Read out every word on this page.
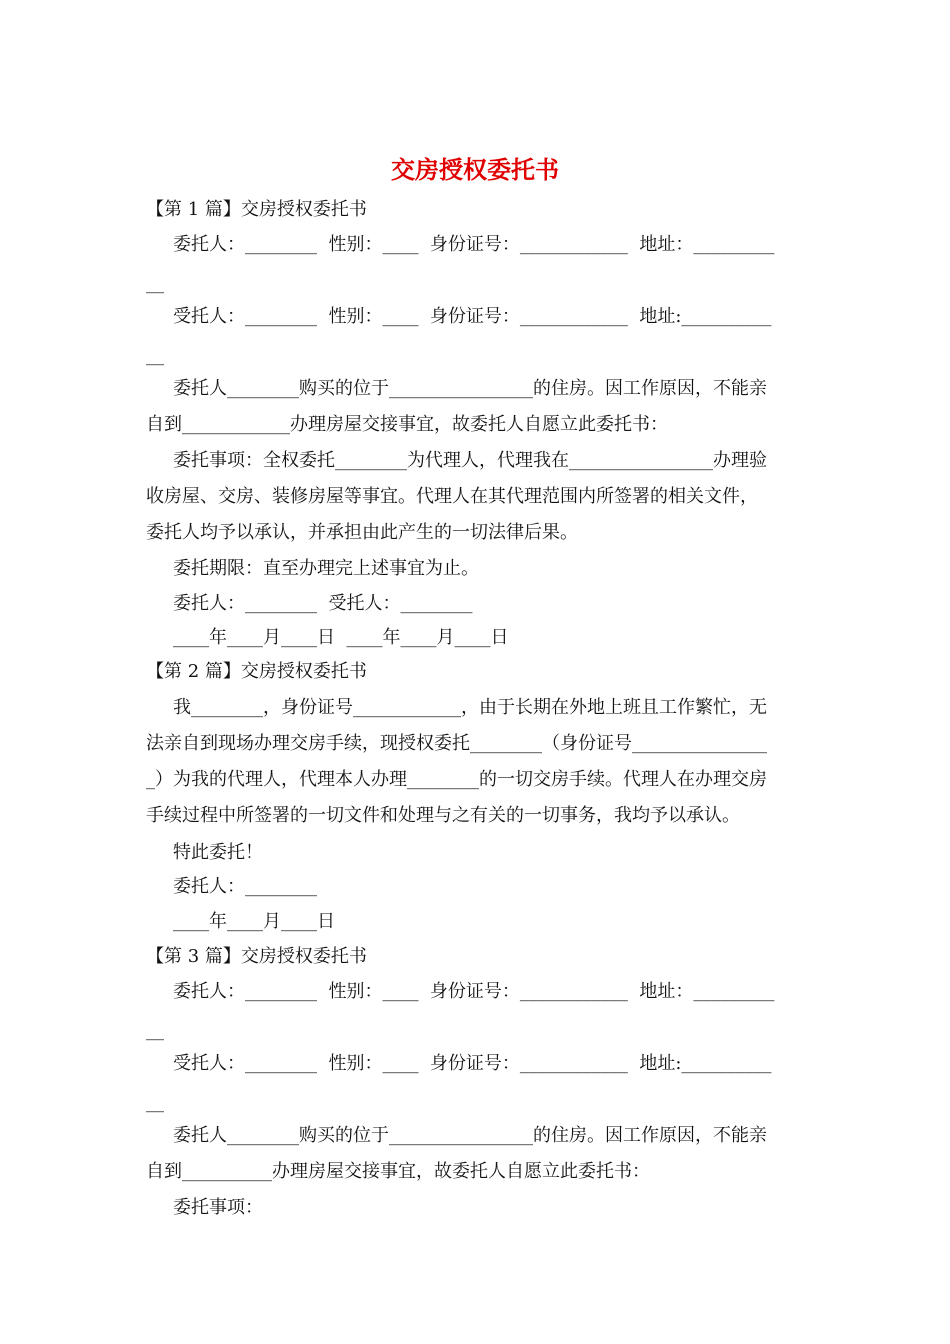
交房授权委托书
【第 1 篇】交房授权委托书
委托人：________  性别：____  身份证号：____________  地址：_________
__
受托人：________  性别：____  身份证号：____________  地址:__________
__
委托人________购买的位于________________的住房。因工作原因，不能亲
自到____________办理房屋交接事宜，故委托人自愿立此委托书：
委托事项：全权委托________为代理人，代理我在________________办理验
收房屋、交房、装修房屋等事宜。代理人在其代理范围内所签署的相关文件，
委托人均予以承认，并承担由此产生的一切法律后果。
委托期限：直至办理完上述事宜为止。
委托人：________  受托人：________
____年____月____日  ____年____月____日
【第 2 篇】交房授权委托书
我________，身份证号____________，由于长期在外地上班且工作繁忙，无
法亲自到现场办理交房手续，现授权委托________（身份证号_______________
_）为我的代理人，代理本人办理________的一切交房手续。代理人在办理交房
手续过程中所签署的一切文件和处理与之有关的一切事务，我均予以承认。
特此委托！
委托人：________
____年____月____日
【第 3 篇】交房授权委托书
委托人：________  性别：____  身份证号：____________  地址：_________
__
受托人：________  性别：____  身份证号：____________  地址:__________
__
委托人________购买的位于________________的住房。因工作原因，不能亲
自到__________办理房屋交接事宜，故委托人自愿立此委托书：
委托事项：
